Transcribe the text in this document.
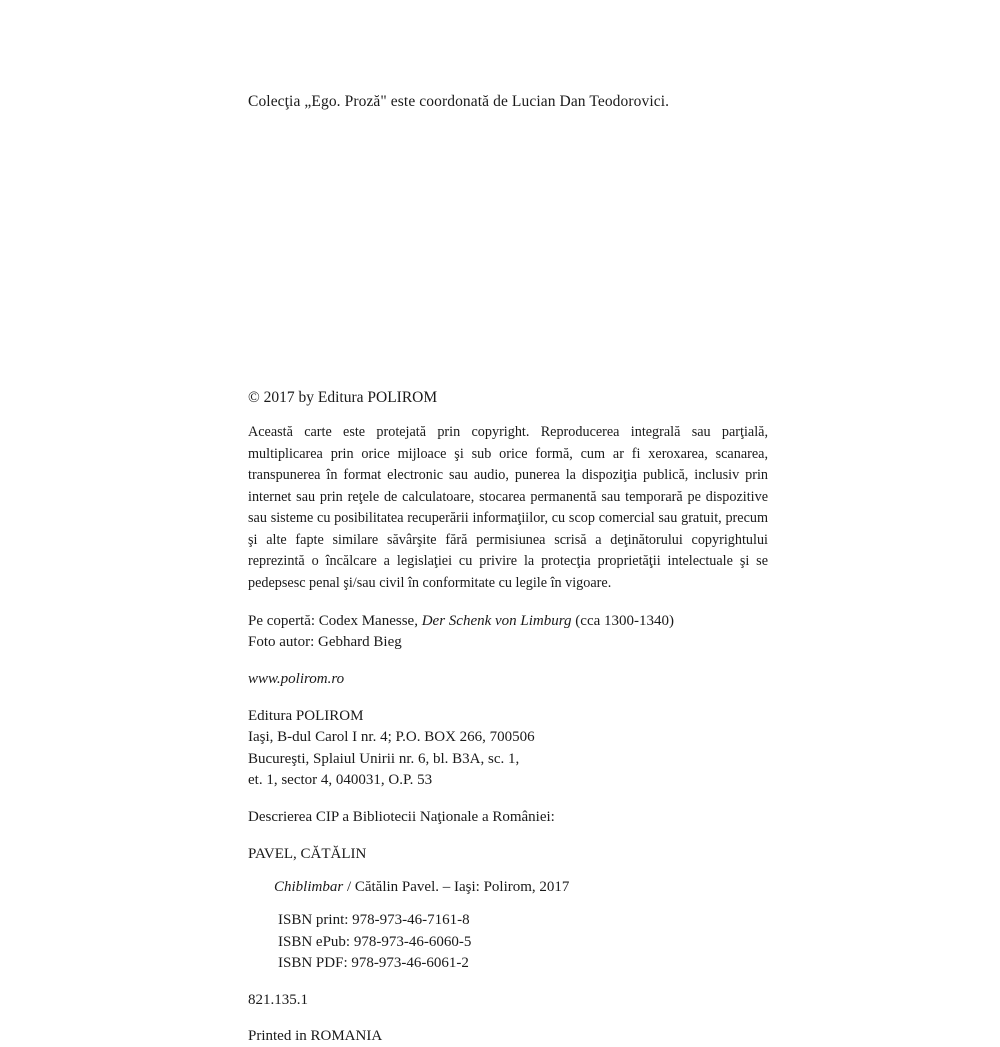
Colecţia „Ego. Proză" este coordonată de Lucian Dan Teodorovici.
© 2017 by Editura POLIROM

Această carte este protejată prin copyright. Reproducerea integrală sau parţială, multiplicarea prin orice mijloace şi sub orice formă, cum ar fi xeroxarea, scanarea, transpunerea în format electronic sau audio, punerea la dispoziţia publică, inclusiv prin internet sau prin reţele de calculatoare, stocarea permanentă sau temporară pe dispozitive sau sisteme cu posibilitatea recuperării informaţiilor, cu scop comercial sau gratuit, precum şi alte fapte similare săvârşite fără permisiunea scrisă a deţinătorului copyrightului reprezintă o încălcare a legislaţiei cu privire la protecţia proprietăţii intelectuale şi se pedepsesc penal şi/sau civil în conformitate cu legile în vigoare.

Pe copertă: Codex Manesse, Der Schenk von Limburg (cca 1300-1340)
Foto autor: Gebhard Bieg
www.polirom.ro
Editura POLIROM
Iaşi, B-dul Carol I nr. 4; P.O. BOX 266, 700506
Bucureşti, Splaiul Unirii nr. 6, bl. B3A, sc. 1,
et. 1, sector 4, 040031, O.P. 53
Descrierea CIP a Bibliotecii Naţionale a României:
PAVEL, CĂTĂLIN
Chiblimbar / Cătălin Pavel. – Iaşi: Polirom, 2017
ISBN print: 978-973-46-7161-8
ISBN ePub: 978-973-46-6060-5
ISBN PDF: 978-973-46-6061-2
821.135.1
Printed in ROMANIA
